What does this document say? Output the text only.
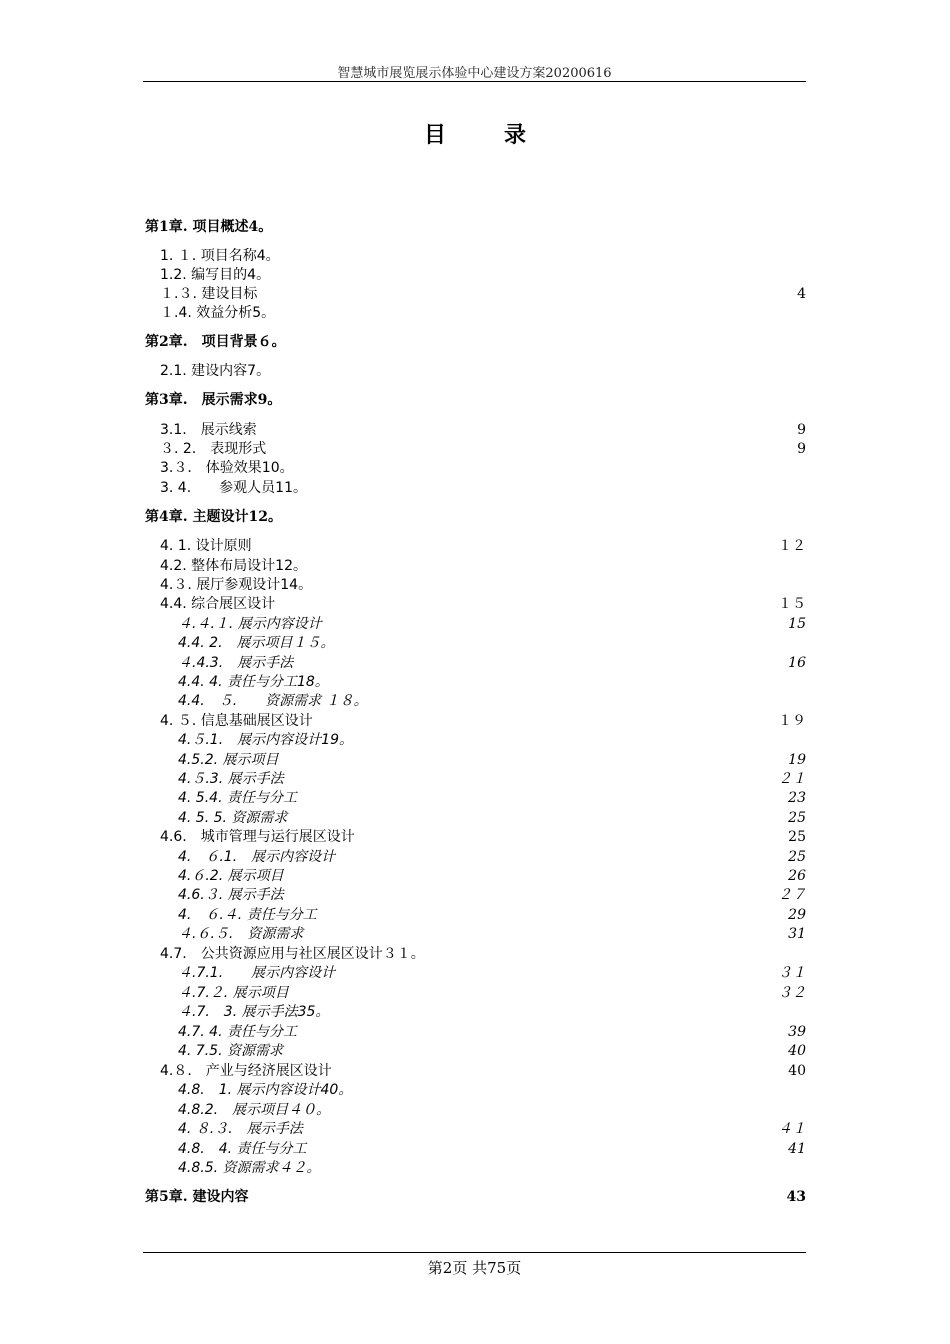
智慧城市展览展示体验中心建设方案20200616
目录
第1章. 项目概述4。
1. １. 项目名称4。
1.2. 编写目的4。
１.３. 建设目标	4
１.4. 效益分析5。
第2章.　项目背景６。
2.1. 建设内容7。
第3章.　展示需求9。
3.1.　展示线索	9
３. 2.　表现形式	9
3.３.　体验效果10。
3. 4.　　参观人员11。
第4章. 主题设计12。
4. 1. 设计原则	１２
4.2. 整体布局设计12。
4.３. 展厅参观设计14。
4.4. 综合展区设计	１５
４.４.１. 展示内容设计	15
4.4. 2.　展示项目１５。
４.4.3.　展示手法	16
4.4. 4. 责任与分工18。
4.4.　５.　　资源需求 １８。
4. ５. 信息基础展区设计	１９
4.５.1.　展示内容设计19。
4.5.2. 展示项目	19
4.５.3. 展示手法	２１
4. 5.4. 责任与分工	23
4. 5. 5. 资源需求	25
4.6.　城市管理与运行展区设计	25
4.　６.1.　展示内容设计	25
4.６.2. 展示项目	26
4.6.３. 展示手法	２７
4.　６.４. 责任与分工	29
４.６.５.　资源需求	31
4.7.　公共资源应用与社区展区设计３１。
４.7.1.　　展示内容设计	３１
４.7.２. 展示项目	３２
４.7.　3. 展示手法35。
4.7. 4. 责任与分工	39
4. 7.5. 资源需求	40
4.８.　产业与经济展区设计	40
4.8.　1. 展示内容设计40。
4.8.2.　展示项目４０。
4. ８.３.　展示手法	４１
4.8.　4. 责任与分工	41
4.8.5. 资源需求４２。
第5章. 建设内容	43
第2页 共75页
